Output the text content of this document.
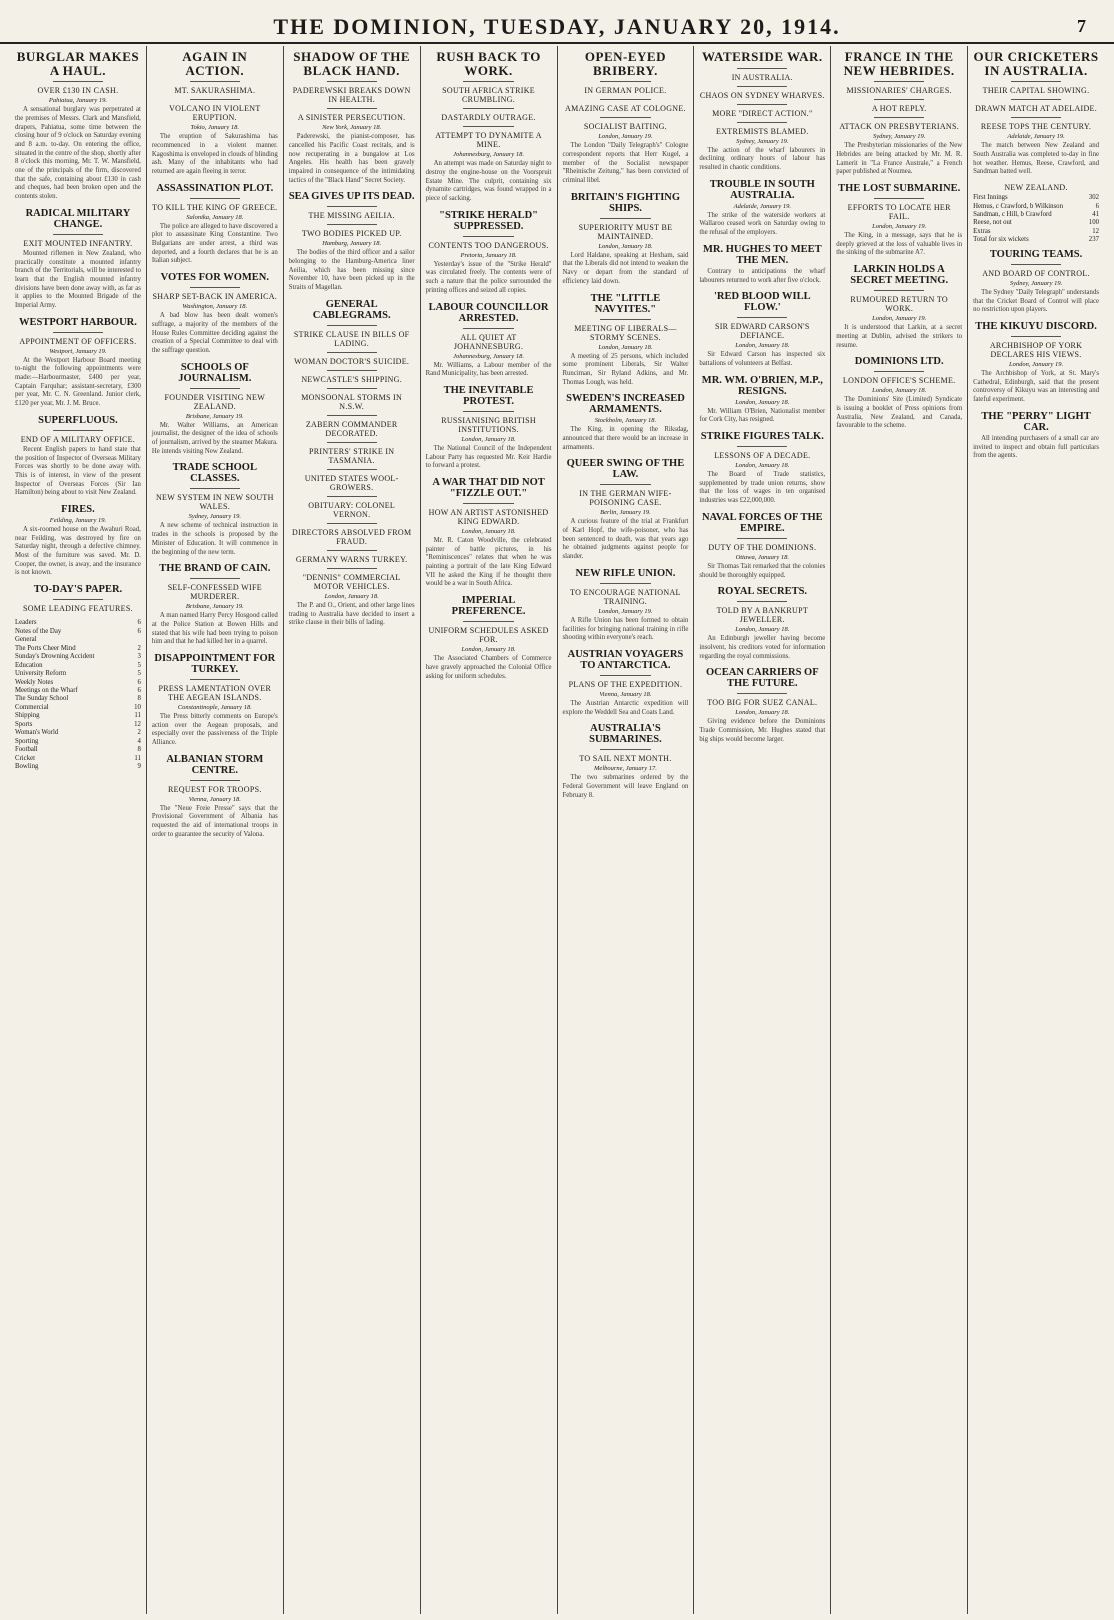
THE DOMINION, TUESDAY, JANUARY 20, 1914.	7
BURGLAR MAKES A HAUL.
OVER £130 IN CASH.
Pahiatua, January 19.

A sensational burglary was perpetrated at the premises of Messrs. Clark and Mansfield, drapers, Pahiatua, some time between the closing hour of 9 o'clock on Saturday evening and 8 a.m. to-day. On entering the office, situated in the centre of the shop, shortly after 8 o'clock this morning, Mr. T. W. Mansfield, one of the principals of the firm, discovered that the safe, containing about £130 in cash and cheques, had been broken open and the contents stolen.

RADICAL MILITARY CHANGE.
EXIT MOUNTED INFANTRY.

Mounted riflemen in New Zealand, who practically constitute a mounted infantry branch of the Territorials, will be interested to learn that the English mounted infantry divisions have been done away with, as far as it applies to the Mounted Brigade of the Imperial Army.

WESTPORT HARBOUR.
APPOINTMENT OF OFFICERS.
Westport, January 19.

At the Westport Harbour Board meeting to-night the following appointments were made:—Harbourmaster, £400 per year, Captain Farquhar; assistant-secretary, £300 per year, Mr. C. N. Greenland. Junior clerk, £120 per year, Mr. J. M. Bruce.

SUPERFLUOUS.
END OF A MILITARY OFFICE.

Recent English papers to hand state that the position of Inspector of Overseas Military Forces was shortly to be done away with. This is of interest, in view of the present Inspector of Overseas Forces (Sir Ian Hamilton) being about to visit New Zealand.

FIRES.
Feilding, January 19.

A six-roomed house on the Awahuri Road, near Feilding, was destroyed by fire on Saturday night, through a defective chimney. Most of the furniture was saved. Mr. D. Cooper, the owner, is away, and the insurance is not known.

TO-DAY'S PAPER.
SOME LEADING FEATURES.
Leaders	6
Notes of the Day	6
General
The Ports Cheer Mind	2
Sunday's Drowning Accident	3
Education	5
University Reform	5
Weekly Notes	6
Meetings on the Wharf	6
The Sunday School	8
Commercial	10
Shipping	11
Sports	12
Woman's World	2
Sporting	4
Football	8
Cricket	11
Bowling	9
AGAIN IN ACTION.
MT. SAKURASHIMA.
VOLCANO IN VIOLENT ERUPTION.
Tokio, January 18.

The eruption of Sakurashima has recommenced in a violent manner. Kagoshima is enveloped in clouds of blinding ash. Many of the inhabitants who had returned are again fleeing in terror.

ASSASSINATION PLOT.
TO KILL THE KING OF GREECE.
Salonika, January 18.

The police are alleged to have discovered a plot to assassinate King Constantine. Two Bulgarians are under arrest, a third was deported, and a fourth declares that he is an Italian subject.

VOTES FOR WOMEN.
SHARP SET-BACK IN AMERICA.
Washington, January 18.

A bad blow has been dealt women's suffrage, a majority of the members of the House Rules Committee deciding against the creation of a Special Committee to deal with the suffrage question.

SCHOOLS OF JOURNALISM.
FOUNDER VISITING NEW ZEALAND.
Brisbane, January 19.

Mr. Walter Williams, an American journalist, the designer of the idea of schools of journalism, arrived by the steamer Makura. He intends visiting New Zealand.

TRADE SCHOOL CLASSES.
NEW SYSTEM IN NEW SOUTH WALES.
Sydney, January 19.

A new scheme of technical instruction in trades in the schools is proposed by the Minister of Education. It will commence in the beginning of the new term.

THE BRAND OF CAIN.
SELF-CONFESSED WIFE MURDERER.
Brisbane, January 19.

A man named Harry Percy Hosgood called at the Police Station at Bowen Hills and stated that his wife had been trying to poison him and that he had killed her in a quarrel.

DISAPPOINTMENT FOR TURKEY.
PRESS LAMENTATION OVER THE AEGEAN ISLANDS.
Constantinople, January 18.

The Press bitterly comments on Europe's action over the Aegean proposals, and especially over the passiveness of the Triple Alliance.

ALBANIAN STORM CENTRE.
REQUEST FOR TROOPS.
Vienna, January 18.

The "Neue Freie Presse" says that the Provisional Government of Albania has requested the aid of international troops in order to guarantee the security of Valona.

SHADOW OF THE BLACK HAND.
PADEREWSKI BREAKS DOWN IN HEALTH.
A SINISTER PERSECUTION.
New York, January 18.

Paderewski, the pianist-composer, has cancelled his Pacific Coast recitals, and is now recuperating in a bungalow at Los Angeles. His health has been gravely impaired in consequence of the intimidating tactics of the "Black Hand" Secret Society.

SEA GIVES UP ITS DEAD.
THE MISSING AEILIA.
TWO BODIES PICKED UP.
Hamburg, January 18.

The bodies of the third officer and a sailor belonging to the Hamburg-America liner Aeilia, which has been missing since November 10, have been picked up in the Straits of Magellan.

GENERAL CABLEGRAMS.
STRIKE CLAUSE IN BILLS OF LADING.
WOMAN DOCTOR'S SUICIDE.
NEWCASTLE'S SHIPPING.
MONSOONAL STORMS IN N.S.W.
ZABERN COMMANDER DECORATED.
PRINTERS' STRIKE IN TASMANIA.
UNITED STATES WOOL-GROWERS.
OBITUARY: COLONEL VERNON.
DIRECTORS ABSOLVED FROM FRAUD.
GERMANY WARNS TURKEY.
"DENNIS" COMMERCIAL MOTOR VEHICLES.
London, January 18.

The P. and O., Orient, and other large lines trading to Australia have decided to insert a strike clause in their bills of lading.

RUSH BACK TO WORK.
SOUTH AFRICA STRIKE CRUMBLING.
DASTARDLY OUTRAGE.
ATTEMPT TO DYNAMITE A MINE.
Johannesburg, January 18.

An attempt was made on Saturday night to destroy the engine-house on the Voorspruit Estate Mine. The culprit, containing six dynamite cartridges, was found wrapped in a piece of sacking.

"STRIKE HERALD" SUPPRESSED.
CONTENTS TOO DANGEROUS.
Pretoria, January 18.

Yesterday's issue of the "Strike Herald" was circulated freely. The contents were of such a nature that the police surrounded the printing offices and seized all copies.

LABOUR COUNCILLOR ARRESTED.
ALL QUIET AT JOHANNESBURG.
Johannesburg, January 18.

Mr. Williams, a Labour member of the Rand Municipality, has been arrested.

THE INEVITABLE PROTEST.
RUSSIANISING BRITISH INSTITUTIONS.
London, January 18.

The National Council of the Independent Labour Party has requested Mr. Keir Hardie to forward a protest.

A WAR THAT DID NOT "FIZZLE OUT."
HOW AN ARTIST ASTONISHED KING EDWARD.
London, January 18.

Mr. R. Caton Woodville, the celebrated painter of battle pictures, in his "Reminiscences" relates that when he was painting a portrait of the late King Edward VII he asked the King if he thought there would be a war in South Africa.

IMPERIAL PREFERENCE.
UNIFORM SCHEDULES ASKED FOR.
London, January 18.

The Associated Chambers of Commerce have gravely approached the Colonial Office asking for uniform schedules.

OPEN-EYED BRIBERY.
IN GERMAN POLICE.
AMAZING CASE AT COLOGNE.
SOCIALIST BAITING.
London, January 19.

The London "Daily Telegraph's" Cologne correspondent reports that Herr Kugel, a member of the Socialist newspaper "Rheinische Zeitung," has been convicted of criminal libel.

BRITAIN'S FIGHTING SHIPS.
SUPERIORITY MUST BE MAINTAINED.
London, January 18.

Lord Haldane, speaking at Hexham, said that the Liberals did not intend to weaken the Navy or depart from the standard of efficiency laid down.

THE "LITTLE NAVYITES."
MEETING OF LIBERALS—STORMY SCENES.
London, January 18.

A meeting of 25 persons, which included some prominent Liberals, Sir Walter Runciman, Sir Ryland Adkins, and Mr. Thomas Lough, was held.

SWEDEN'S INCREASED ARMAMENTS.
Stockholm, January 18.

The King, in opening the Riksdag, announced that there would be an increase in armaments.

QUEER SWING OF THE LAW.
IN THE GERMAN WIFE-POISONING CASE.
Berlin, January 19.

A curious feature of the trial at Frankfurt of Karl Hopf, the wife-poisoner, who has been sentenced to death, was that years ago he obtained judgments against people for slander.

NEW RIFLE UNION.
TO ENCOURAGE NATIONAL TRAINING.
London, January 19.

A Rifle Union has been formed to obtain facilities for bringing national training in rifle shooting within everyone's reach.

AUSTRIAN VOYAGERS TO ANTARCTICA.
PLANS OF THE EXPEDITION.
Vienna, January 18.

The Austrian Antarctic expedition will explore the Weddell Sea and Coats Land.

AUSTRALIA'S SUBMARINES.
TO SAIL NEXT MONTH.
Melbourne, January 17.

The two submarines ordered by the Federal Government will leave England on February 8.

WATERSIDE WAR.
IN AUSTRALIA.
CHAOS ON SYDNEY WHARVES.
MORE "DIRECT ACTION."
EXTREMISTS BLAMED.
Sydney, January 19.

The action of the wharf labourers in declining ordinary hours of labour has resulted in chaotic conditions.

TROUBLE IN SOUTH AUSTRALIA.
Adelaide, January 19.

The strike of the waterside workers at Wallaroo ceased work on Saturday owing to the refusal of the employers.

MR. HUGHES TO MEET THE MEN.

Contrary to anticipations the wharf labourers returned to work after five o'clock.

'RED BLOOD WILL FLOW.'
SIR EDWARD CARSON'S DEFIANCE.
London, January 18.

Sir Edward Carson has inspected six battalions of volunteers at Belfast.

MR. WM. O'BRIEN, M.P., RESIGNS.
London, January 18.

Mr. William O'Brien, Nationalist member for Cork City, has resigned.

STRIKE FIGURES TALK.
LESSONS OF A DECADE.
London, January 18.

The Board of Trade statistics, supplemented by trade union returns, show that the loss of wages in ten organised industries was £22,000,000.

NAVAL FORCES OF THE EMPIRE.
DUTY OF THE DOMINIONS.
Ottawa, January 18.

Sir Thomas Tait remarked that the colonies should be thoroughly equipped.

ROYAL SECRETS.
TOLD BY A BANKRUPT JEWELLER.
London, January 18.

An Edinburgh jeweller having become insolvent, his creditors voted for information regarding the royal commissions.

OCEAN CARRIERS OF THE FUTURE.
TOO BIG FOR SUEZ CANAL.
London, January 18.

Giving evidence before the Dominions Trade Commission, Mr. Hughes stated that big ships would become larger.

FRANCE IN THE NEW HEBRIDES.
MISSIONARIES' CHARGES.
A HOT REPLY.
ATTACK ON PRESBYTERIANS.
Sydney, January 19.

The Presbyterian missionaries of the New Hebrides are being attacked by Mr. M. R. Lamerit in "La France Australe," a French paper published at Noumea.

THE LOST SUBMARINE.
EFFORTS TO LOCATE HER FAIL.
London, January 19.

The King, in a message, says that he is deeply grieved at the loss of valuable lives in the sinking of the submarine A7.

LARKIN HOLDS A SECRET MEETING.
RUMOURED RETURN TO WORK.
London, January 19.

It is understood that Larkin, at a secret meeting at Dublin, advised the strikers to resume.

DOMINIONS LTD.
LONDON OFFICE'S SCHEME.
London, January 18.

The Dominions' Site (Limited) Syndicate is issuing a booklet of Press opinions from Australia, New Zealand, and Canada, favourable to the scheme.

OUR CRICKETERS IN AUSTRALIA.
THEIR CAPITAL SHOWING.
DRAWN MATCH AT ADELAIDE.
REESE TOPS THE CENTURY.
Adelaide, January 19.

The match between New Zealand and South Australia was completed to-day in fine hot weather. Hemus, Reese, Crawford, and Sandman batted well.

NEW ZEALAND.
First Innings	302
Hemus, c Crawford, b Wilkinson	6
Sandman, c Hill, b Crawford	41
Reese, not out	100
Extras	12
Total for six wickets	237
TOURING TEAMS.
AND BOARD OF CONTROL.
Sydney, January 19.

The Sydney "Daily Telegraph" understands that the Cricket Board of Control will place no restriction upon players.

THE KIKUYU DISCORD.
ARCHBISHOP OF YORK DECLARES HIS VIEWS.
London, January 19.

The Archbishop of York, at St. Mary's Cathedral, Edinburgh, said that the present controversy of Kikuyu was an interesting and fateful experiment.

THE "PERRY" LIGHT CAR.

All intending purchasers of a small car are invited to inspect and obtain full particulars from the agents.
